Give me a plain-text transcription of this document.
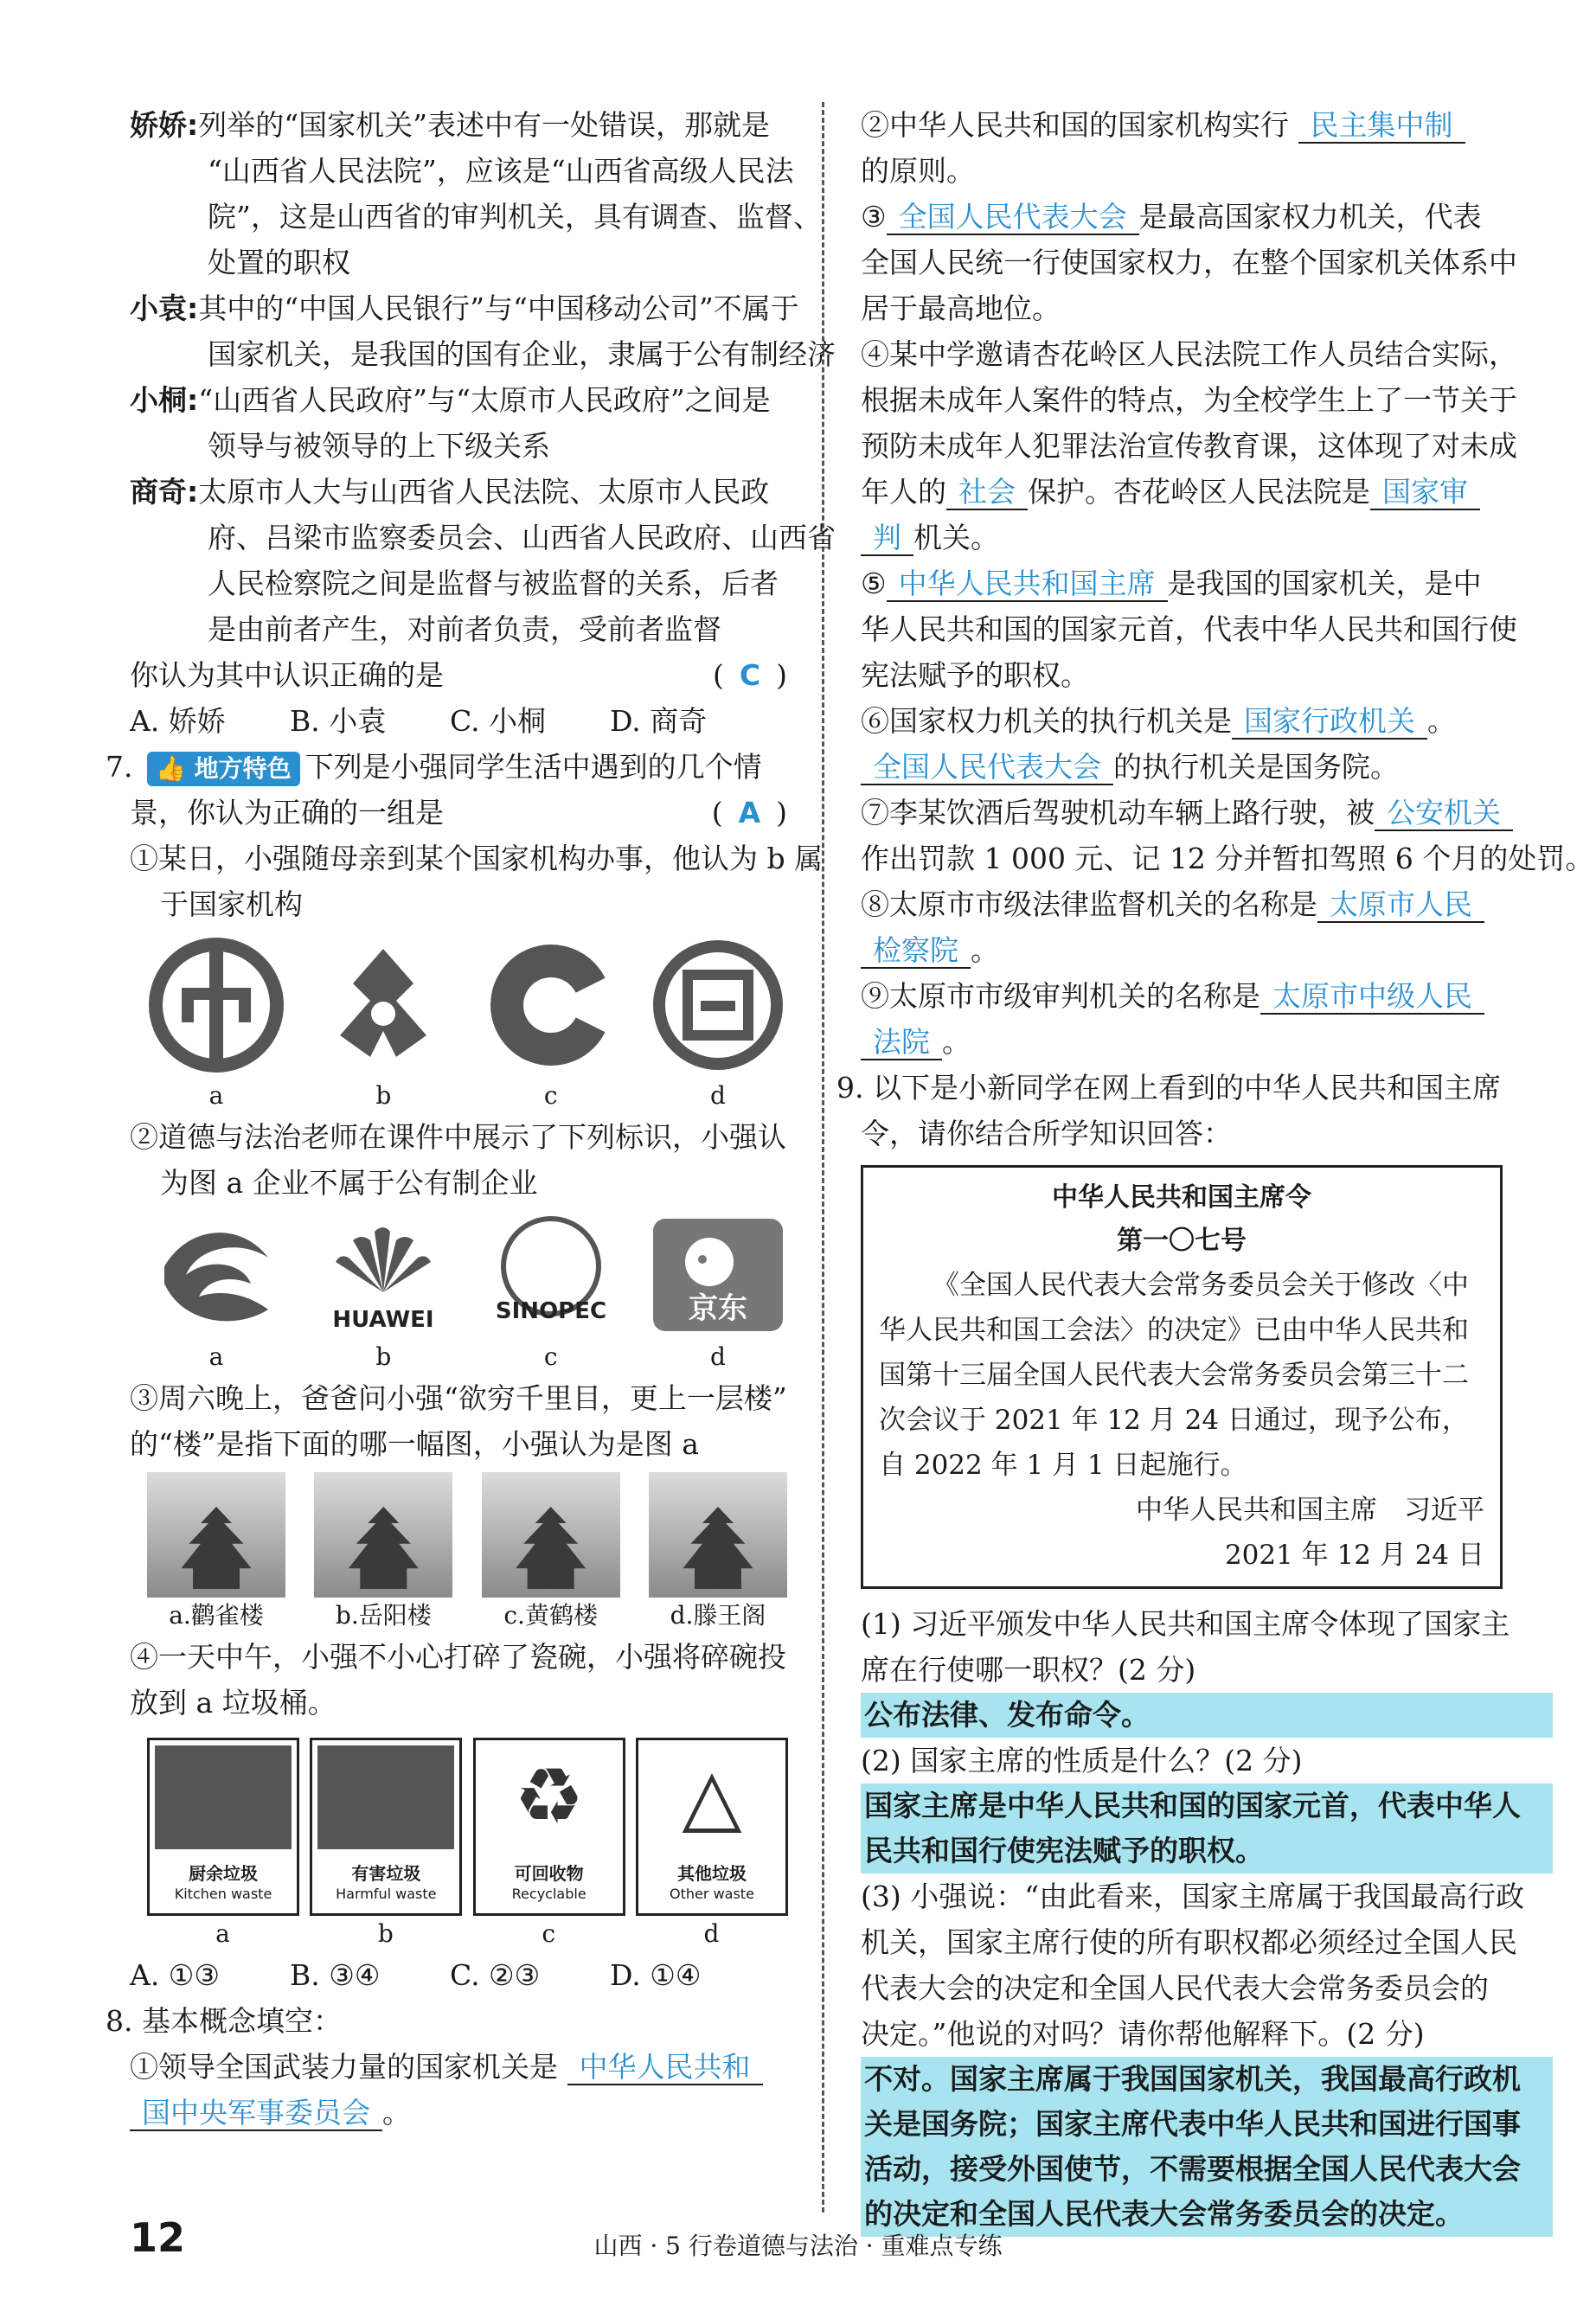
娇娇: 列举的“国家机关”表述中有一处错误，那就是
“山西省人民法院”，应该是“山西省高级人民法
院”，这是山西省的审判机关，具有调查、监督、
处置的职权
小袁: 其中的“中国人民银行”与“中国移动公司”不属于
国家机关，是我国的国有企业，隶属于公有制经济
小桐: “山西省人民政府”与“太原市人民政府”之间是
领导与被领导的上下级关系
商奇: 太原市人大与山西省人民法院、太原市人民政
府、吕梁市监察委员会、山西省人民政府、山西省
人民检察院之间是监督与被监督的关系，后者
是由前者产生，对前者负责，受前者监督
你认为其中认识正确的是	( C )
A. 娇娇 B. 小袁 C. 小桐 D. 商奇
7. 👍 地方特色 下列是小强同学生活中遇到的几个情
景，你认为正确的一组是	( A )
①某日，小强随母亲到某个国家机构办事，他认为 b 属
于国家机构
a	b	c	d
②道德与法治老师在课件中展示了下列标识，小强认
为图 a 企业不属于公有制企业
a
HUAWEI
b
SINOPEC
c
京东
d
③周六晚上，爸爸问小强“欲穷千里目，更上一层楼”
的“楼”是指下面的哪一幅图，小强认为是图 a
a.鹳雀楼	b.岳阳楼	c.黄鹤楼	d.滕王阁
④一天中午，小强不小心打碎了瓷碗，小强将碎碗投
放到 a 垃圾桶。
厨余垃圾
Kitchen waste
a
有害垃圾
Harmful waste
b
♻
可回收物
Recyclable
c
△
其他垃圾
Other waste
d
A. ①③ B. ③④ C. ②③ D. ①④
8. 基本概念填空：
①领导全国武装力量的国家机关是 中华人民共和
国中央军事委员会 。
②中华人民共和国的国家机构实行 民主集中制
的原则。
③ 全国人民代表大会 是最高国家权力机关，代表
全国人民统一行使国家权力，在整个国家机关体系中
居于最高地位。
④某中学邀请杏花岭区人民法院工作人员结合实际，
根据未成年人案件的特点，为全校学生上了一节关于
预防未成年人犯罪法治宣传教育课，这体现了对未成
年人的 社会 保护。杏花岭区人民法院是 国家审
判 机关。
⑤ 中华人民共和国主席 是我国的国家机关，是中
华人民共和国的国家元首，代表中华人民共和国行使
宪法赋予的职权。
⑥国家权力机关的执行机关是 国家行政机关 。
全国人民代表大会 的执行机关是国务院。
⑦李某饮酒后驾驶机动车辆上路行驶，被 公安机关
作出罚款 1 000 元、记 12 分并暂扣驾照 6 个月的处罚。
⑧太原市市级法律监督机关的名称是 太原市人民
检察院 。
⑨太原市市级审判机关的名称是 太原市中级人民
法院 。
9. 以下是小新同学在网上看到的中华人民共和国主席
令，请你结合所学知识回答：
中华人民共和国主席令
第一〇七号
《全国人民代表大会常务委员会关于修改〈中华人民共和国工会法〉的决定》已由中华人民共和国第十三届全国人民代表大会常务委员会第三十二次会议于 2021 年 12 月 24 日通过，现予公布，自 2022 年 1 月 1 日起施行。
中华人民共和国主席　习近平
2021 年 12 月 24 日
(1) 习近平颁发中华人民共和国主席令体现了国家主
席在行使哪一职权？(2 分)
公布法律、发布命令。
(2) 国家主席的性质是什么？(2 分)
国家主席是中华人民共和国的国家元首，代表中华人
民共和国行使宪法赋予的职权。
(3) 小强说：“由此看来，国家主席属于我国最高行政
机关，国家主席行使的所有职权都必须经过全国人民
代表大会的决定和全国人民代表大会常务委员会的
决定。”他说的对吗？请你帮他解释下。(2 分)
不对。国家主席属于我国国家机关，我国最高行政机
关是国务院；国家主席代表中华人民共和国进行国事
活动，接受外国使节，不需要根据全国人民代表大会
的决定和全国人民代表大会常务委员会的决定。
12	山西 · 5 行卷道德与法治 · 重难点专练
